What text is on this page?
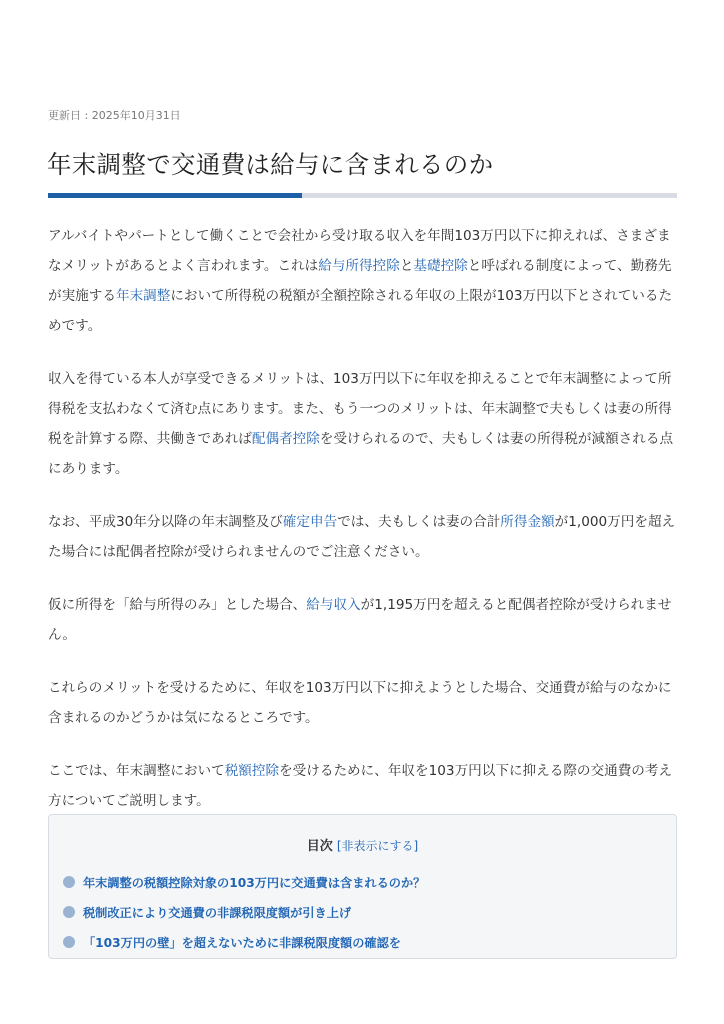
更新日 : 2025年10月31日
年末調整で交通費は給与に含まれるのか

アルバイトやパートとして働くことで会社から受け取る収入を年間103万円以下に抑えれば、さまざまなメリットがあるとよく言われます。これは給与所得控除と基礎控除と呼ばれる制度によって、勤務先が実施する年末調整において所得税の税額が全額控除される年収の上限が103万円以下とされているためです。

収入を得ている本人が享受できるメリットは、103万円以下に年収を抑えることで年末調整によって所得税を支払わなくて済む点にあります。また、もう一つのメリットは、年末調整で夫もしくは妻の所得税を計算する際、共働きであれば配偶者控除を受けられるので、夫もしくは妻の所得税が減額される点にあります。

なお、平成30年分以降の年末調整及び確定申告では、夫もしくは妻の合計所得金額が1,000万円を超えた場合には配偶者控除が受けられませんのでご注意ください。

仮に所得を「給与所得のみ」とした場合、給与収入が1,195万円を超えると配偶者控除が受けられません。

これらのメリットを受けるために、年収を103万円以下に抑えようとした場合、交通費が給与のなかに含まれるのかどうかは気になるところです。

ここでは、年末調整において税額控除を受けるために、年収を103万円以下に抑える際の交通費の考え方についてご説明します。

目次 [非表示にする]
年末調整の税額控除対象の103万円に交通費は含まれるのか？
税制改正により交通費の非課税限度額が引き上げ
「103万円の壁」を超えないために非課税限度額の確認を
